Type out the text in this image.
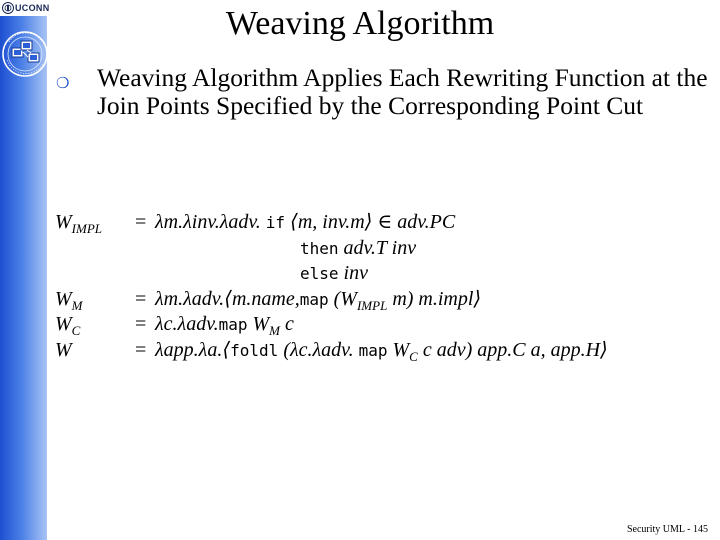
UCONN	Weaving Algorithm
❍ Weaving Algorithm Applies Each Rewriting Function at the Join Points Specified by the Corresponding Point Cut
$W_{IMPL} = \lambda m.\lambda inv.\lambda adv$. if ⟨m, inv.m⟩ ∈ adv.PC
then adv.T inv
else inv
$W_M$	= λm.λadv.⟨m.name,map ($W_{IMPL}$ m) m.impl⟩
$W_C$	= λc.λadv.map $W_M$ c
W	= λapp.λa.⟨foldl (λc.λadv. map $W_C$ c adv) app.C a, app.H⟩
Security UML - 145
